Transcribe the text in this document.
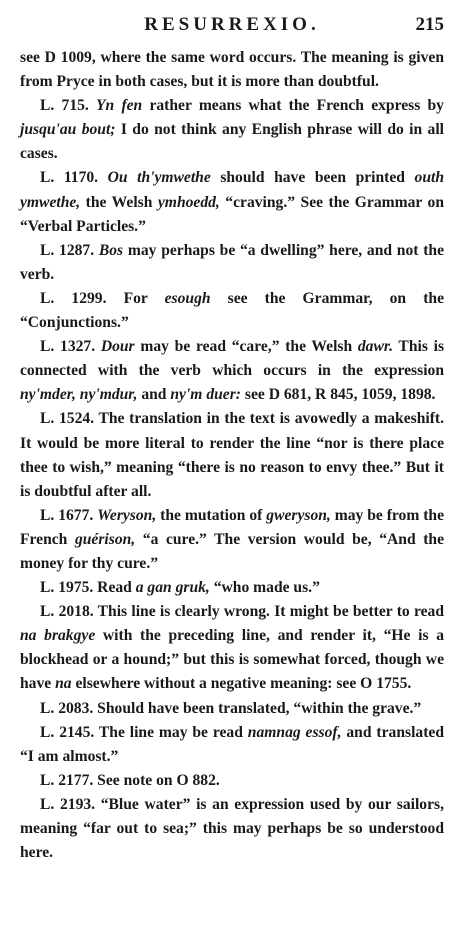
RESURREXIO.	215

see D 1009, where the same word occurs. The meaning is given from Pryce in both cases, but it is more than doubtful.

L. 715. Yn fen rather means what the French express by jusqu'au bout; I do not think any English phrase will do in all cases.

L. 1170. Ou th'ymwethe should have been printed outh ymwethe, the Welsh ymhoedd, “craving.” See the Grammar on “Verbal Particles.”

L. 1287. Bos may perhaps be “a dwelling” here, and not the verb.

L. 1299. For esough see the Grammar, on the “Conjunctions.”

L. 1327. Dour may be read “care,” the Welsh dawr. This is connected with the verb which occurs in the expression ny'mder, ny'mdur, and ny'm duer: see D 681, R 845, 1059, 1898.

L. 1524. The translation in the text is avowedly a makeshift. It would be more literal to render the line “nor is there place thee to wish,” meaning “there is no reason to envy thee.” But it is doubtful after all.

L. 1677. Weryson, the mutation of gweryson, may be from the French guérison, “a cure.” The version would be, “And the money for thy cure.”

L. 1975. Read a gan gruk, “who made us.”

L. 2018. This line is clearly wrong. It might be better to read na brakgye with the preceding line, and render it, “He is a blockhead or a hound;” but this is somewhat forced, though we have na elsewhere without a negative meaning: see O 1755.

L. 2083. Should have been translated, “within the grave.”

L. 2145. The line may be read namnag essof, and translated “I am almost.”

L. 2177. See note on O 882.

L. 2193. “Blue water” is an expression used by our sailors, meaning “far out to sea;” this may perhaps be so understood here.
